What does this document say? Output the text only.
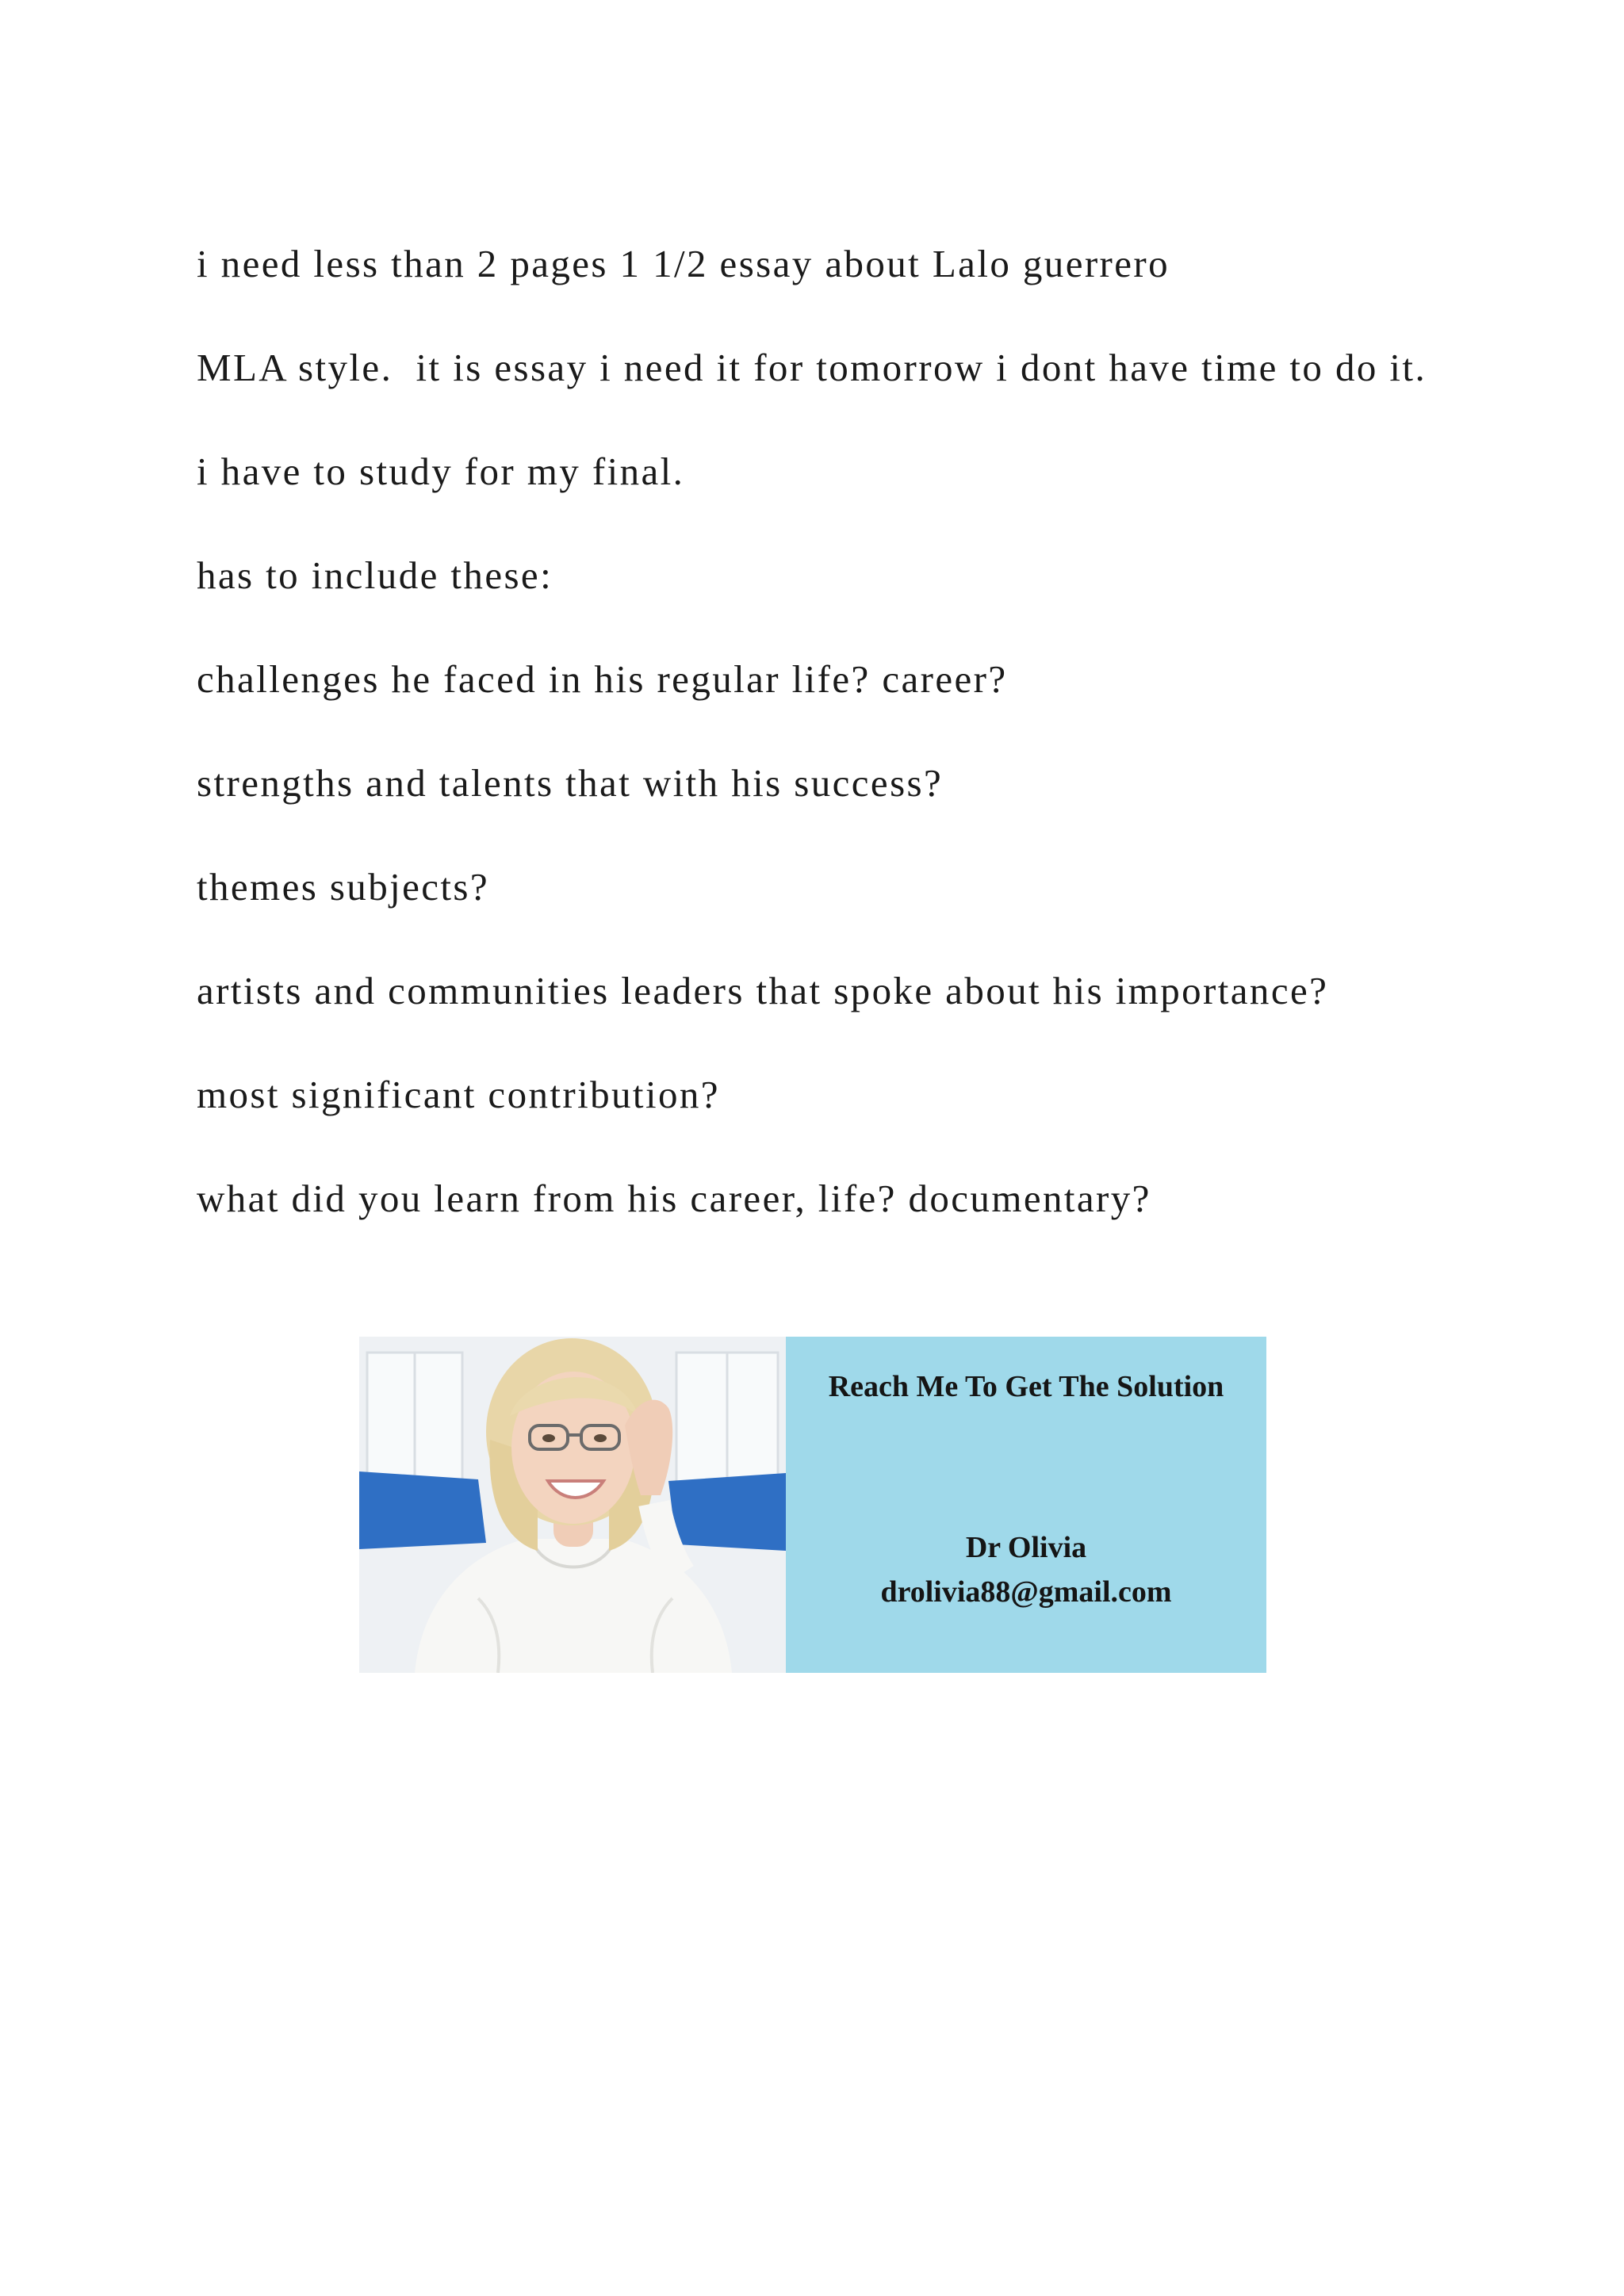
i need less than 2 pages 1 1/2 essay about Lalo guerrero

MLA style.  it is essay i need it for tomorrow i dont have time to do it.

i have to study for my final.

has to include these:

challenges he faced in his regular life? career?

strengths and talents that with his success?

themes subjects?

artists and communities leaders that spoke about his importance?

most significant contribution?

what did you learn from his career, life? documentary?

Reach Me To Get The Solution
Dr Olivia
drolivia88@gmail.com
